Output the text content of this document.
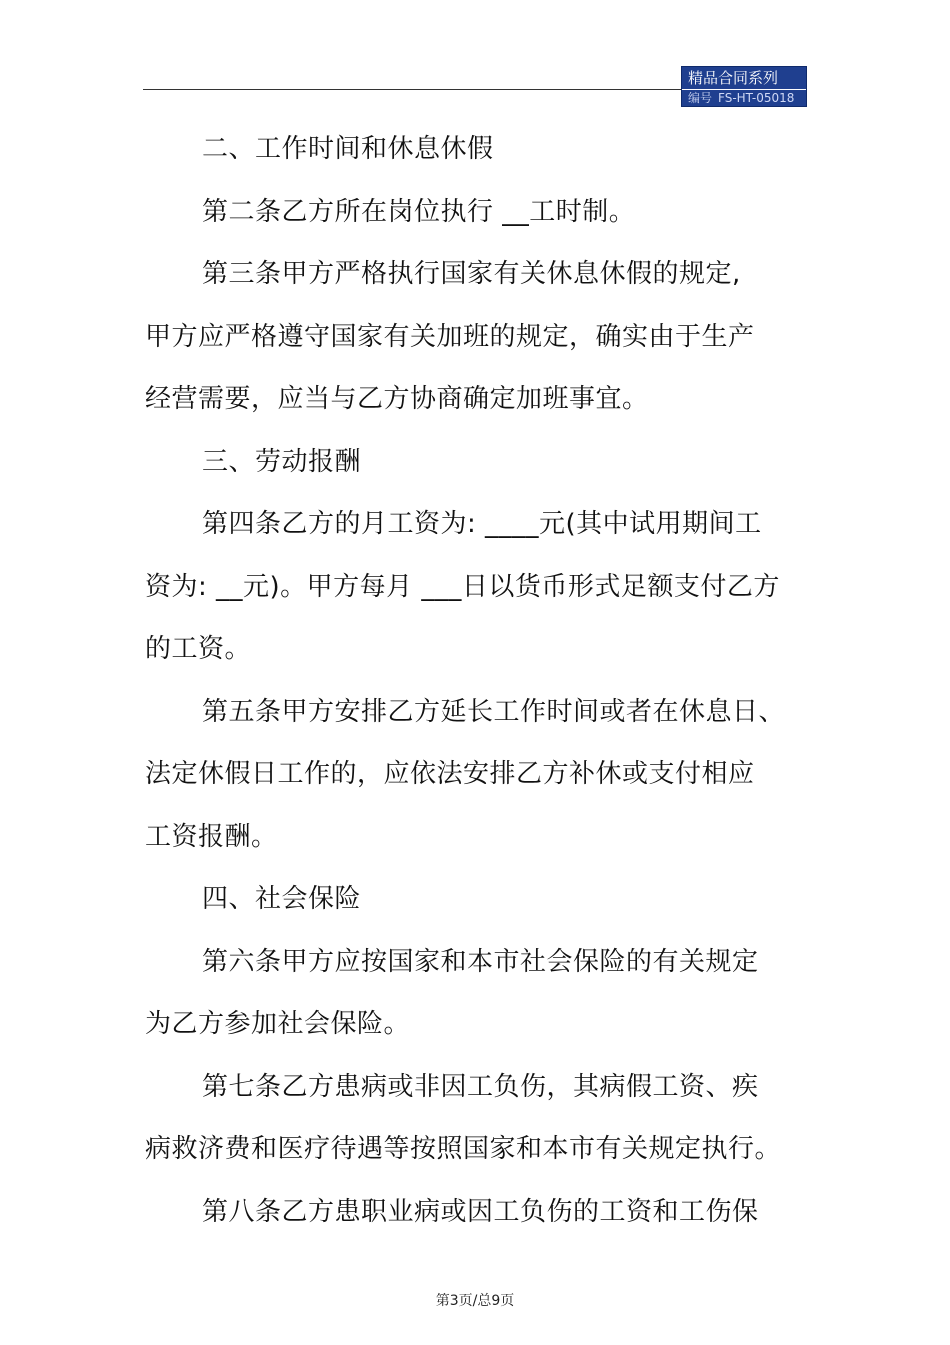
精品合同系列
编号 FS-HT-05018
二、工作时间和休息休假
第二条乙方所在岗位执行 __工时制。
第三条甲方严格执行国家有关休息休假的规定,
甲方应严格遵守国家有关加班的规定，确实由于生产
经营需要，应当与乙方协商确定加班事宜。
三、劳动报酬
第四条乙方的月工资为: ____元(其中试用期间工
资为: __元)。甲方每月 ___日以货币形式足额支付乙方
的工资。
第五条甲方安排乙方延长工作时间或者在休息日、
法定休假日工作的，应依法安排乙方补休或支付相应
工资报酬。
四、社会保险
第六条甲方应按国家和本市社会保险的有关规定
为乙方参加社会保险。
第七条乙方患病或非因工负伤，其病假工资、疾
病救济费和医疗待遇等按照国家和本市有关规定执行。
第八条乙方患职业病或因工负伤的工资和工伤保
第3页/总9页
